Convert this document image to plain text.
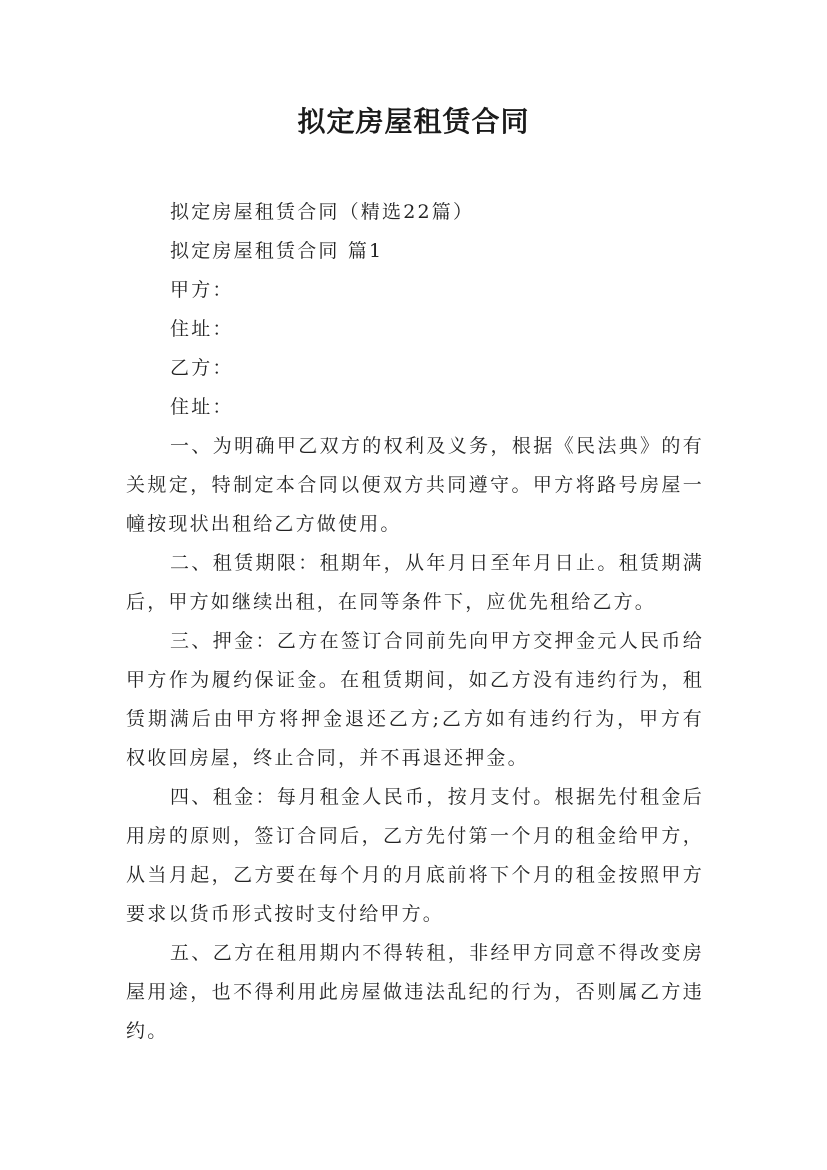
拟定房屋租赁合同

拟定房屋租赁合同（精选22篇）

拟定房屋租赁合同 篇1

甲方：

住址：

乙方：

住址：

一、为明确甲乙双方的权利及义务，根据《民法典》的有关规定，特制定本合同以便双方共同遵守。甲方将路号房屋一幢按现状出租给乙方做使用。

二、租赁期限：租期年，从年月日至年月日止。租赁期满后，甲方如继续出租，在同等条件下，应优先租给乙方。

三、押金：乙方在签订合同前先向甲方交押金元人民币给甲方作为履约保证金。在租赁期间，如乙方没有违约行为，租赁期满后由甲方将押金退还乙方;乙方如有违约行为，甲方有权收回房屋，终止合同，并不再退还押金。

四、租金：每月租金人民币，按月支付。根据先付租金后用房的原则，签订合同后，乙方先付第一个月的租金给甲方，从当月起，乙方要在每个月的月底前将下个月的租金按照甲方要求以货币形式按时支付给甲方。

五、乙方在租用期内不得转租，非经甲方同意不得改变房屋用途，也不得利用此房屋做违法乱纪的行为，否则属乙方违约。
